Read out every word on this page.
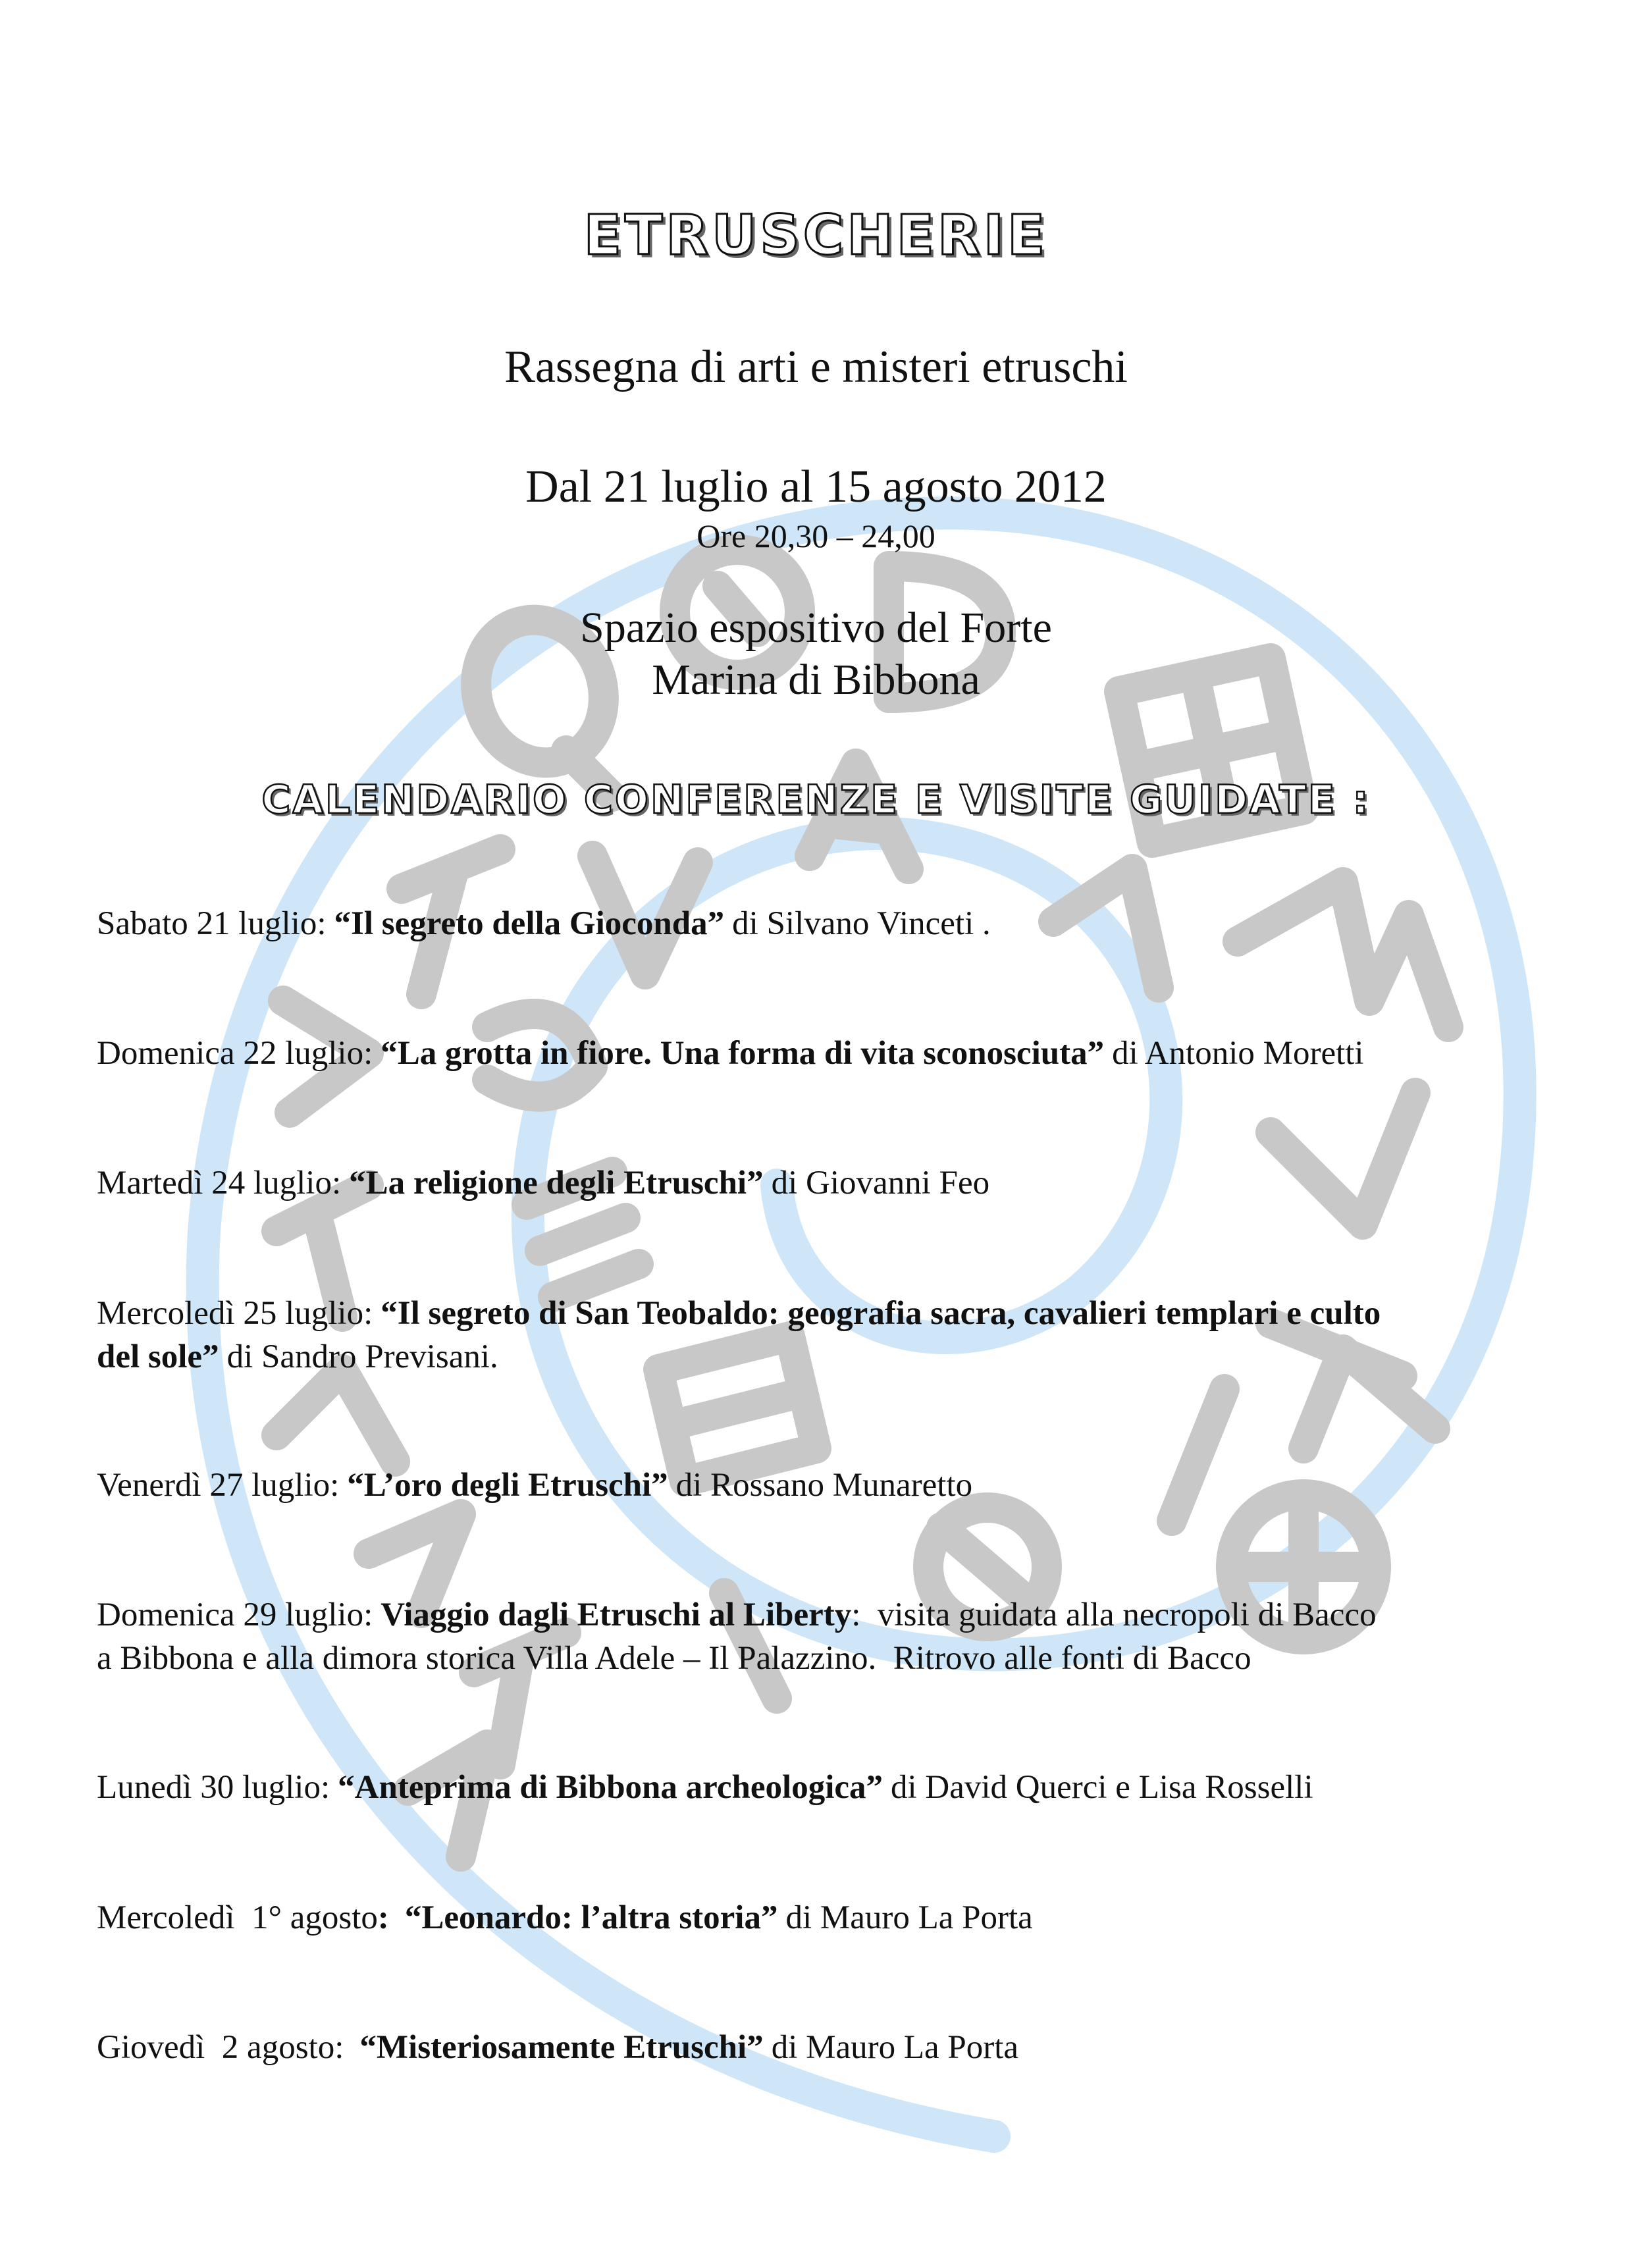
ETRUSCHERIE
Rassegna di arti e misteri etruschi
Dal 21 luglio al 15 agosto 2012
Ore 20,30 – 24,00
Spazio espositivo del Forte
Marina di Bibbona
CALENDARIO CONFERENZE E VISITE GUIDATE :
Sabato 21 luglio: “Il segreto della Gioconda” di Silvano Vinceti .
Domenica 22 luglio: “La grotta in fiore. Una forma di vita sconosciuta” di Antonio Moretti
Martedì 24 luglio: “La religione degli Etruschi” di Giovanni Feo
Mercoledì 25 luglio: “Il segreto di San Teobaldo: geografia sacra, cavalieri templari e culto
del sole” di Sandro Previsani.
Venerdì 27 luglio: “L’oro degli Etruschi” di Rossano Munaretto
Domenica 29 luglio: Viaggio dagli Etruschi al Liberty:  visita guidata alla necropoli di Bacco
a Bibbona e alla dimora storica Villa Adele – Il Palazzino.  Ritrovo alle fonti di Bacco
Lunedì 30 luglio: “Anteprima di Bibbona archeologica” di David Querci e Lisa Rosselli
Mercoledì  1° agosto: “Leonardo: l’altra storia” di Mauro La Porta
Giovedì  2 agosto: “Misteriosamente Etruschi” di Mauro La Porta
